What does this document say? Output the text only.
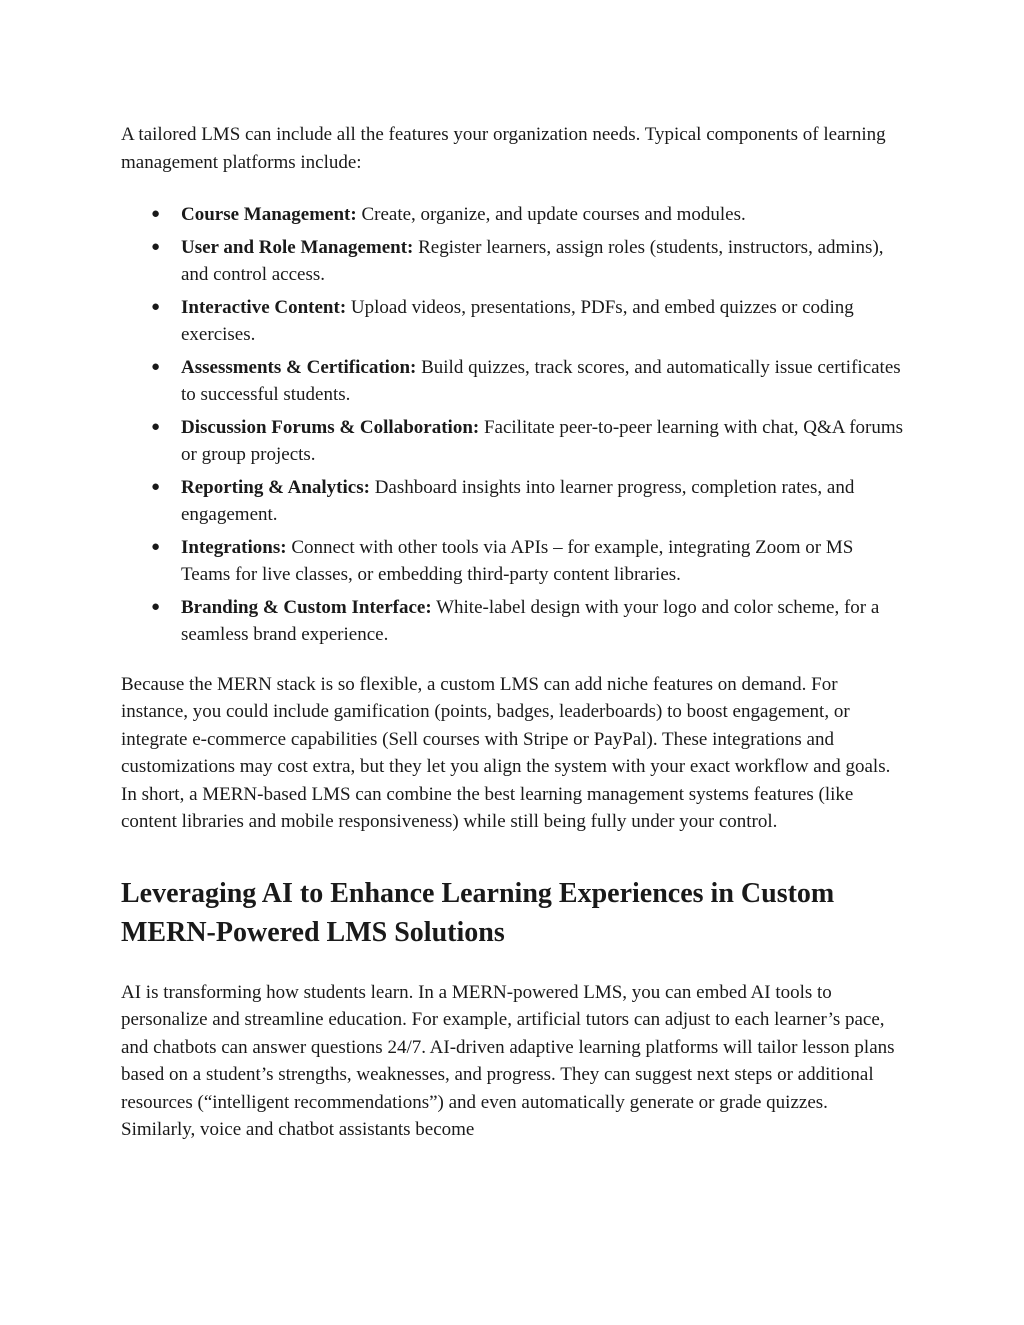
A tailored LMS can include all the features your organization needs. Typical components of learning management platforms include:

● Course Management: Create, organize, and update courses and modules.
● User and Role Management: Register learners, assign roles (students, instructors, admins), and control access.
● Interactive Content: Upload videos, presentations, PDFs, and embed quizzes or coding exercises.
● Assessments & Certification: Build quizzes, track scores, and automatically issue certificates to successful students.
● Discussion Forums & Collaboration: Facilitate peer-to-peer learning with chat, Q&A forums or group projects.
● Reporting & Analytics: Dashboard insights into learner progress, completion rates, and engagement.
● Integrations: Connect with other tools via APIs – for example, integrating Zoom or MS Teams for live classes, or embedding third-party content libraries.
● Branding & Custom Interface: White-label design with your logo and color scheme, for a seamless brand experience.

Because the MERN stack is so flexible, a custom LMS can add niche features on demand. For instance, you could include gamification (points, badges, leaderboards) to boost engagement, or integrate e-commerce capabilities (Sell courses with Stripe or PayPal). These integrations and customizations may cost extra, but they let you align the system with your exact workflow and goals. In short, a MERN-based LMS can combine the best learning management systems features (like content libraries and mobile responsiveness) while still being fully under your control.

Leveraging AI to Enhance Learning Experiences in Custom MERN-Powered LMS Solutions

AI is transforming how students learn. In a MERN-powered LMS, you can embed AI tools to personalize and streamline education. For example, artificial tutors can adjust to each learner’s pace, and chatbots can answer questions 24/7. AI-driven adaptive learning platforms will tailor lesson plans based on a student’s strengths, weaknesses, and progress. They can suggest next steps or additional resources (“intelligent recommendations”) and even automatically generate or grade quizzes. Similarly, voice and chatbot assistants become
